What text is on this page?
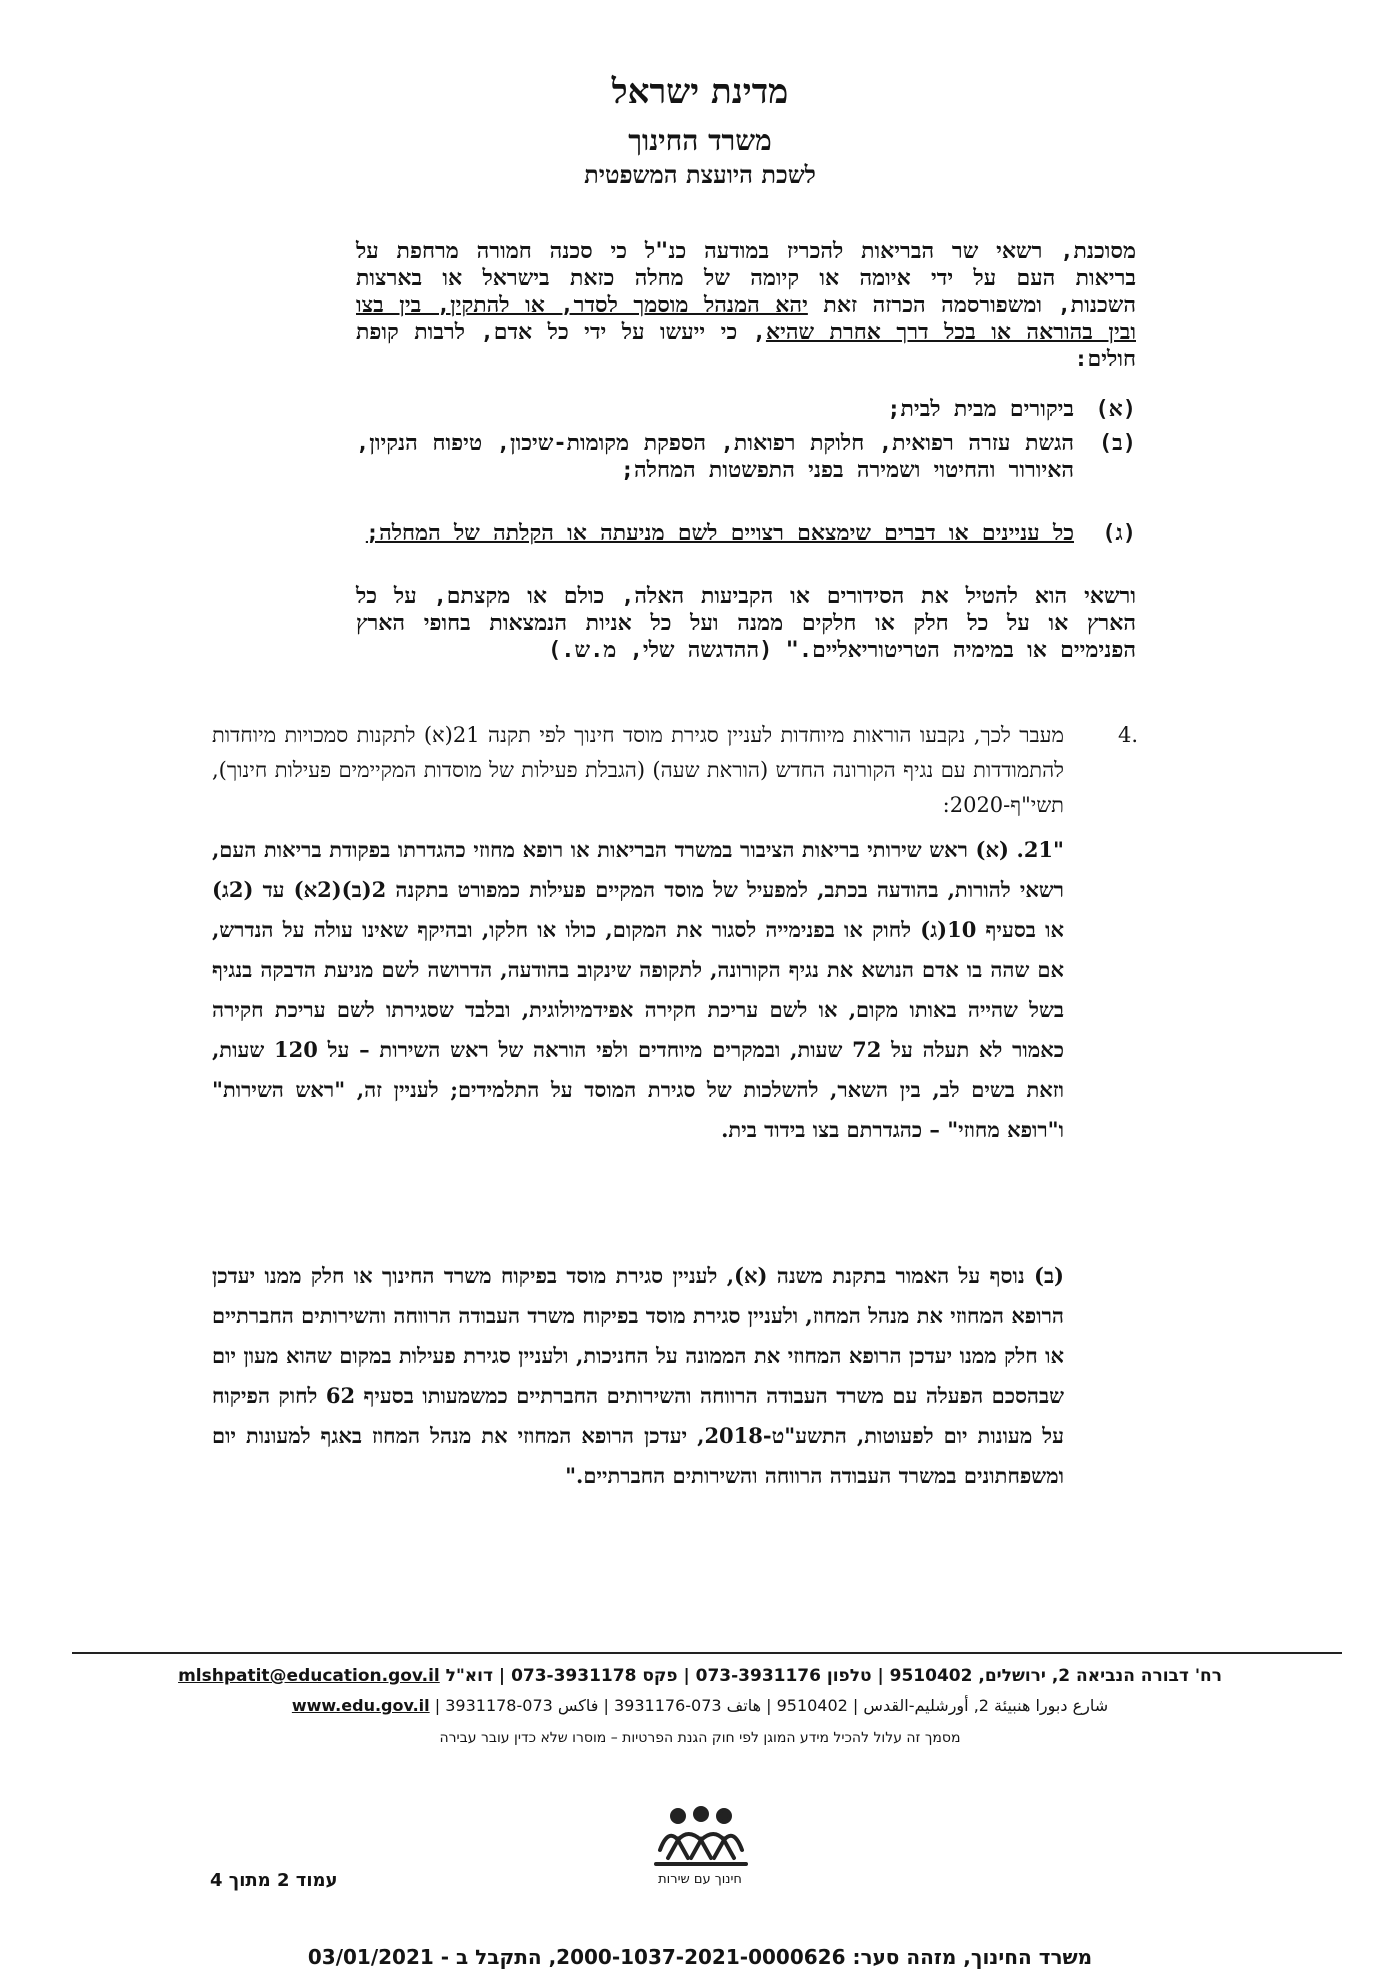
מדינת ישראל
משרד החינוך
לשכת היועצת המשפטית
מסוכנת, רשאי שר הבריאות להכריז במודעה כנ"ל כי סכנה חמורה מרחפת על בריאות העם על ידי איומה או קיומה של מחלה כזאת בישראל או בארצות השכנות, ומשפורסמה הכרזה זאת יהא המנהל מוסמך לסדר, או להתקין, בין בצו ובין בהוראה או בכל דרך אחרת שהיא, כי ייעשו על ידי כל אדם, לרבות קופת חולים:
(א)
ביקורים מבית לבית;
(ב)
הגשת עזרה רפואית, חלוקת רפואות, הספקת מקומות-שיכון, טיפוח הנקיון, האיורור והחיטוי ושמירה בפני התפשטות המחלה;
(ג)
כל עניינים או דברים שימצאם רצויים לשם מניעתה או הקלתה של המחלה;
ורשאי הוא להטיל את הסידורים או הקביעות האלה, כולם או מקצתם, על כל הארץ או על כל חלק או חלקים ממנה ועל כל אניות הנמצאות בחופי הארץ הפנימיים או במימיה הטריטוריאליים." (ההדגשה שלי, מ.ש.)
4.
מעבר לכך, נקבעו הוראות מיוחדות לעניין סגירת מוסד חינוך לפי תקנה 21(א) לתקנות סמכויות מיוחדות להתמודדות עם נגיף הקורונה החדש (הוראת שעה) (הגבלת פעילות של מוסדות המקיימים פעילות חינוך), תשי"ף-2020:
"21. (א) ראש שירותי בריאות הציבור במשרד הבריאות או רופא מחוזי כהגדרתו בפקודת בריאות העם, רשאי להורות, בהודעה בכתב, למפעיל של מוסד המקיים פעילות כמפורט בתקנה 2(ב)(2א) עד (2ג) או בסעיף 10(ג) לחוק או בפנימייה לסגור את המקום, כולו או חלקו, ובהיקף שאינו עולה על הנדרש, אם שהה בו אדם הנושא את נגיף הקורונה, לתקופה שינקוב בהודעה, הדרושה לשם מניעת הדבקה בנגיף בשל שהייה באותו מקום, או לשם עריכת חקירה אפידמיולוגית, ובלבד שסגירתו לשם עריכת חקירה כאמור לא תעלה על 72 שעות, ובמקרים מיוחדים ולפי הוראה של ראש השירות – על 120 שעות, וזאת בשים לב, בין השאר, להשלכות של סגירת המוסד על התלמידים; לעניין זה, "ראש השירות" ו"רופא מחוזי" – כהגדרתם בצו בידוד בית.
(ב) נוסף על האמור בתקנת משנה (א), לעניין סגירת מוסד בפיקוח משרד החינוך או חלק ממנו יעדכן הרופא המחוזי את מנהל המחוז, ולעניין סגירת מוסד בפיקוח משרד העבודה הרווחה והשירותים החברתיים או חלק ממנו יעדכן הרופא המחוזי את הממונה על החניכות, ולעניין סגירת פעילות במקום שהוא מעון יום שבהסכם הפעלה עם משרד העבודה הרווחה והשירותים החברתיים כמשמעותו בסעיף 62 לחוק הפיקוח על מעונות יום לפעוטות, התשע"ט-2018, יעדכן הרופא המחוזי את מנהל המחוז באגף למעונות יום ומשפחתונים במשרד העבודה הרווחה והשירותים החברתיים."
רח' דבורה הנביאה 2, ירושלים, 9510402 | טלפון 073-3931176 | פקס 073-3931178 | דוא"ל mlshpatit@education.gov.il
شارع دبورا هنبيئة 2, أورشليم-القدس | 9510402 | هاتف 073-3931176 | فاكس 073-3931178 | www.edu.gov.il
מסמך זה עלול להכיל מידע המוגן לפי חוק הגנת הפרטיות – מוסרו שלא כדין עובר עבירה
חינוך עם שירות
עמוד 2 מתוך 4
משרד החינוך, מזהה סער: 2000-1037-2021-0000626, התקבל ב - 03/01/2021
